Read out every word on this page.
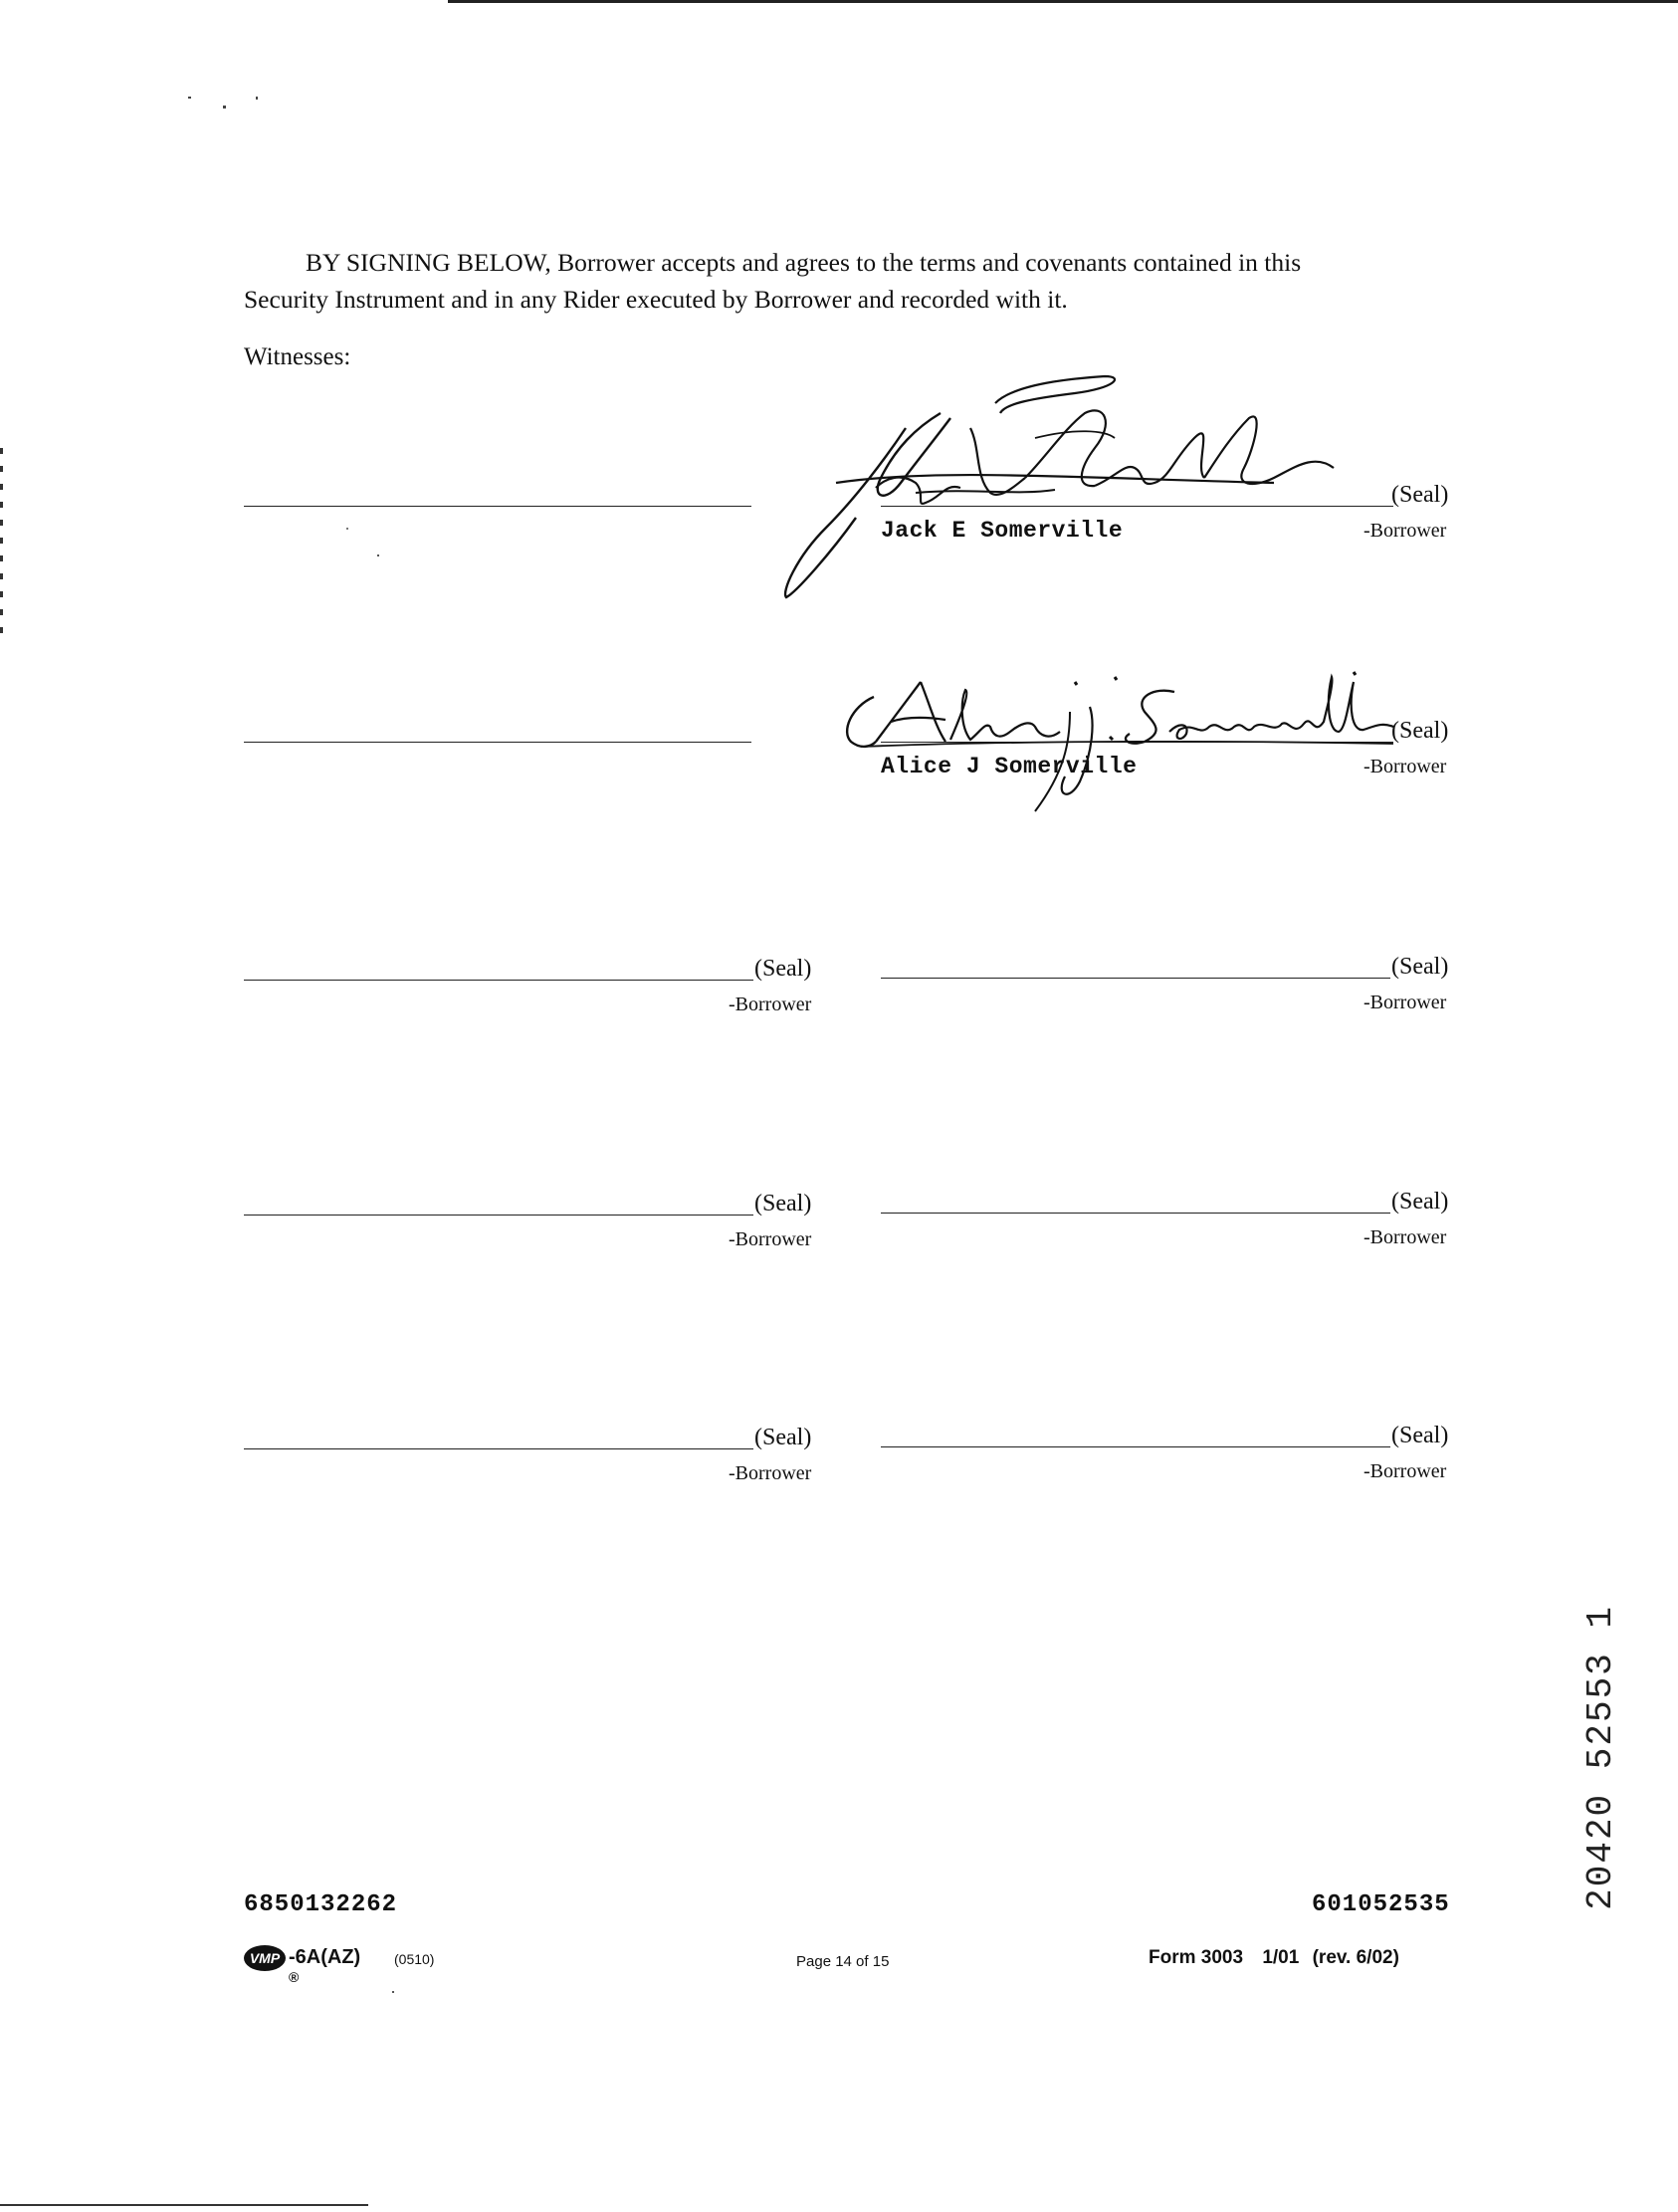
BY SIGNING BELOW, Borrower accepts and agrees to the terms and covenants contained in this
Security Instrument and in any Rider executed by Borrower and recorded with it.
Witnesses:
(Seal)
Jack E Somerville	-Borrower
(Seal)
Alice J Somerville	-Borrower
(Seal)
-Borrower
(Seal)
-Borrower
(Seal)
-Borrower
(Seal)
-Borrower
(Seal)
-Borrower
(Seal)
-Borrower
20420 52553 1
6850132262	601052535
VMP
®
-6A(AZ) (0510)	Page 14 of 15	Form 3003 1/01 (rev. 6/02)
